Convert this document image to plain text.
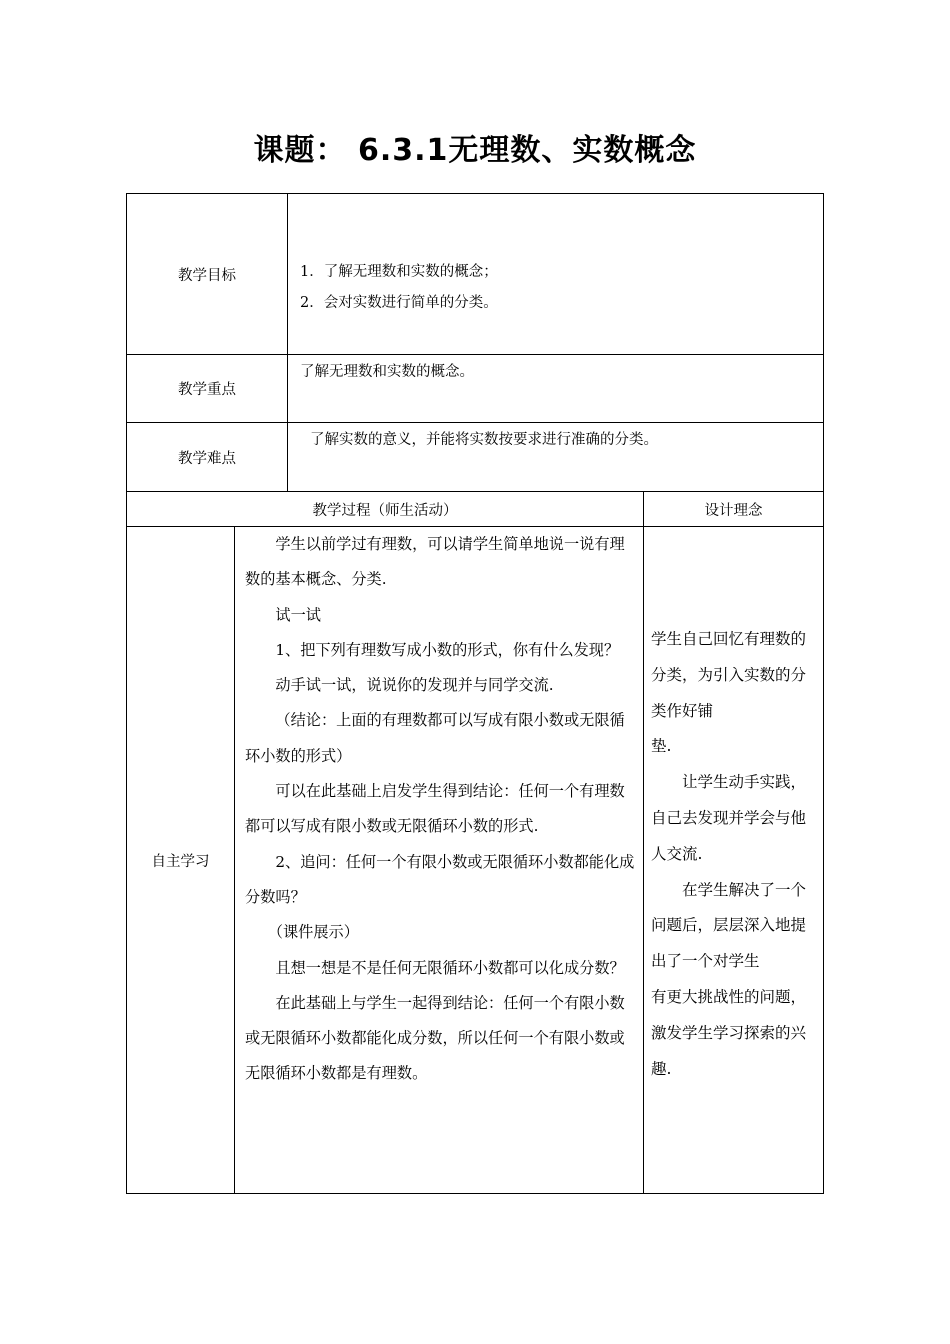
课题： 6.3.1无理数、实数概念
教学目标	1．了解无理数和实数的概念；
2．会对实数进行简单的分类。
教学重点
了解无理数和实数的概念。
教学难点
了解实数的意义，并能将实数按要求进行准确的分类。
教学过程（师生活动）	设计理念
自主学习

学生以前学过有理数，可以请学生简单地说一说有理数的基本概念、分类.

试一试

1、把下列有理数写成小数的形式，你有什么发现？

动手试一试，说说你的发现并与同学交流.

（结论：上面的有理数都可以写成有限小数或无限循环小数的形式）

可以在此基础上启发学生得到结论：任何一个有理数都可以写成有限小数或无限循环小数的形式.

2、追问：任何一个有限小数或无限循环小数都能化成分数吗？

（课件展示）

且想一想是不是任何无限循环小数都可以化成分数？

在此基础上与学生一起得到结论：任何一个有限小数或无限循环小数都能化成分数，所以任何一个有限小数或无限循环小数都是有理数。

学生自己回忆有理数的分类，为引入实数的分类作好铺

垫.

让学生动手实践，自己去发现并学会与他人交流.

在学生解决了一个问题后，层层深入地提出了一个对学生

有更大挑战性的问题，激发学生学习探索的兴趣.
